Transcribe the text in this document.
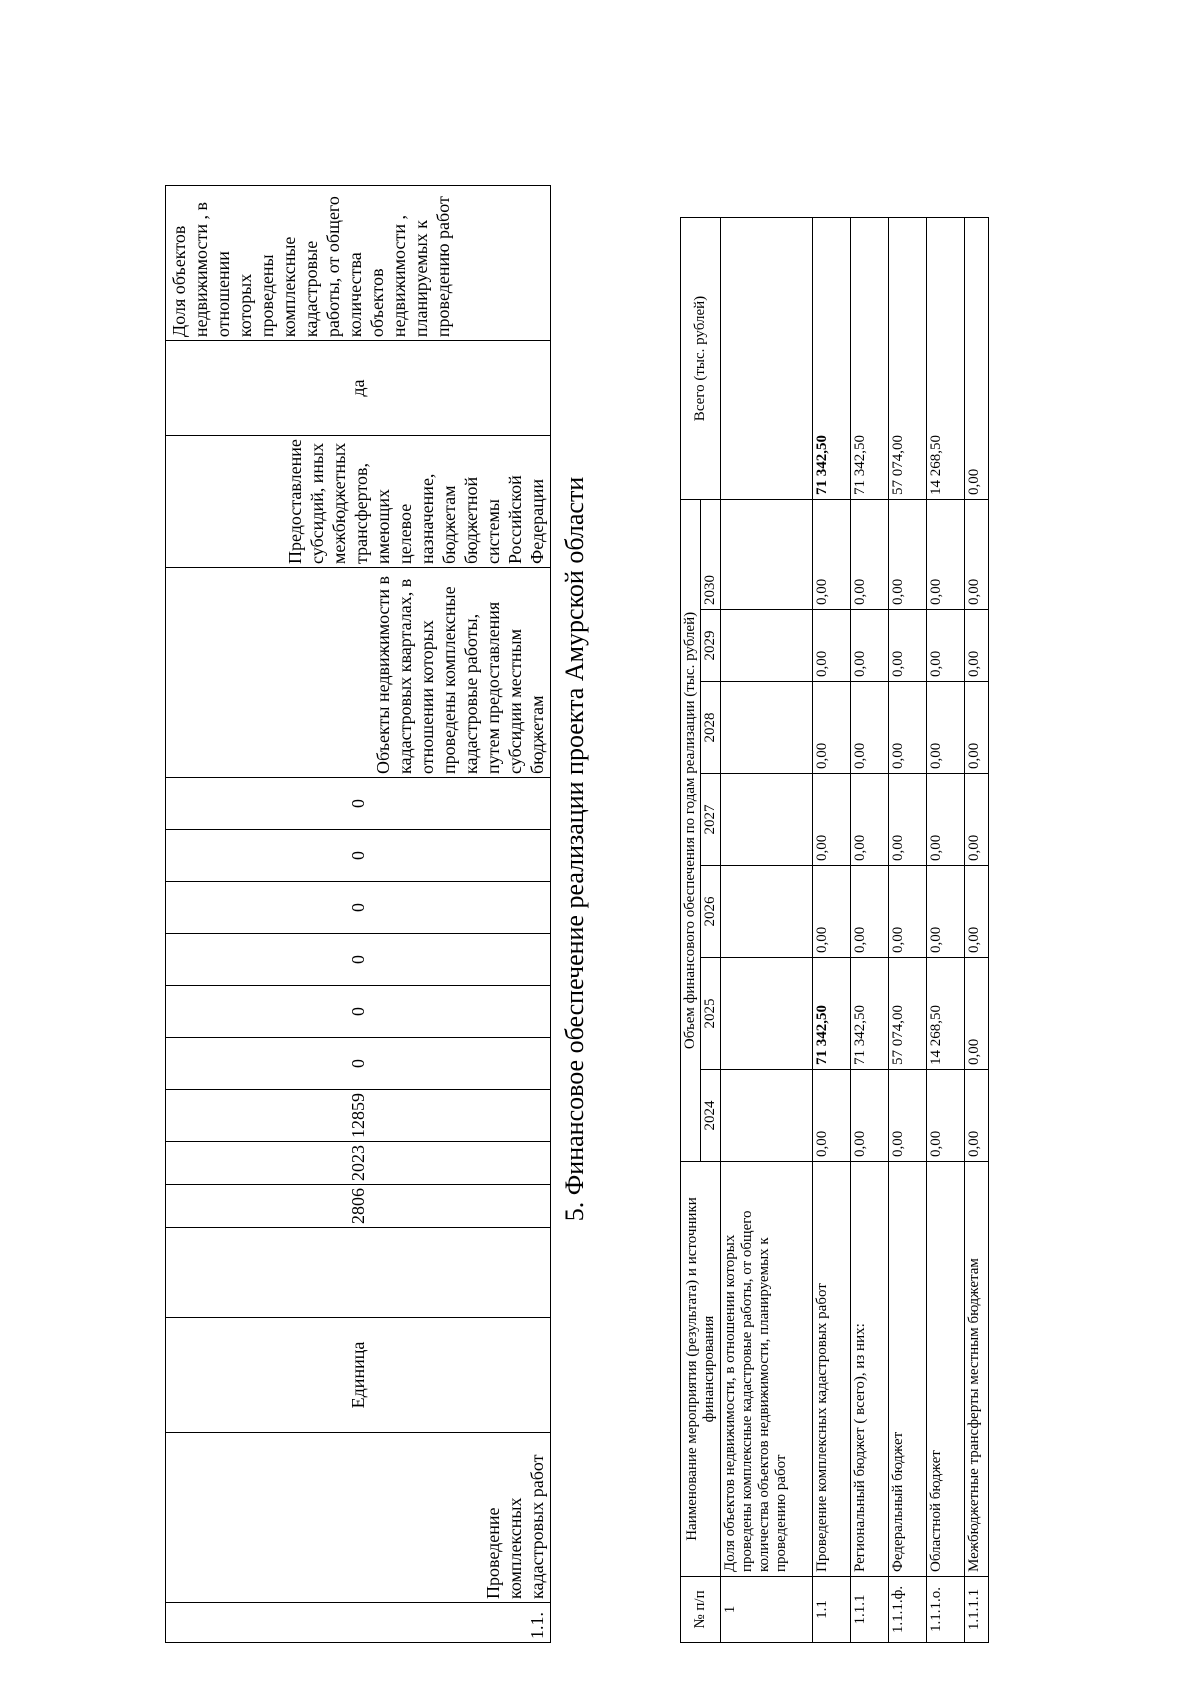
1.1.	Проведение комплексных кадастровых работ	Единица		2806	2023	12859	0	0	0	0	0	0	Объекты недвижимости в кадастровых кварталах, в отношении которых проведены комплексные кадастровые работы, путем предоставления субсидии местным бюджетам	Предоставление субсидий, иных межбюджетных трансфертов, имеющих целевое назначение, бюджетам бюджетной системы Российской Федерации	да	Доля объектов недвижимости , в отношении которых проведены комплексные кадастровые работы, от общего количества объектов недвижимости , планируемых к проведению работ
5. Финансовое обеспечение реализации проекта Амурской области
№ п/п	Наименование мероприятия (результата) и источники финансирования	Объем финансового обеспечения по годам реализации (тыс. рублей)							Всего (тыс. рублей)
		2024	2025	2026	2027	2028	2029	2030	
1	Доля объектов недвижимости, в отношении которых проведены комплексные кадастровые работы, от общего количества объектов недвижимости, планируемых к проведению работ								
1.1	Проведение комплексных кадастровых работ	0,00	71 342,50	0,00	0,00	0,00	0,00	0,00	71 342,50
1.1.1	Региональный бюджет ( всего), из них:	0,00	71 342,50	0,00	0,00	0,00	0,00	0,00	71 342,50
1.1.1.ф.	Федеральный бюджет	0,00	57 074,00	0,00	0,00	0,00	0,00	0,00	57 074,00
1.1.1.о.	Областной бюджет	0,00	14 268,50	0,00	0,00	0,00	0,00	0,00	14 268,50
1.1.1.1	Межбюджетные трансферты местным бюджетам	0,00	0,00	0,00	0,00	0,00	0,00	0,00	0,00
